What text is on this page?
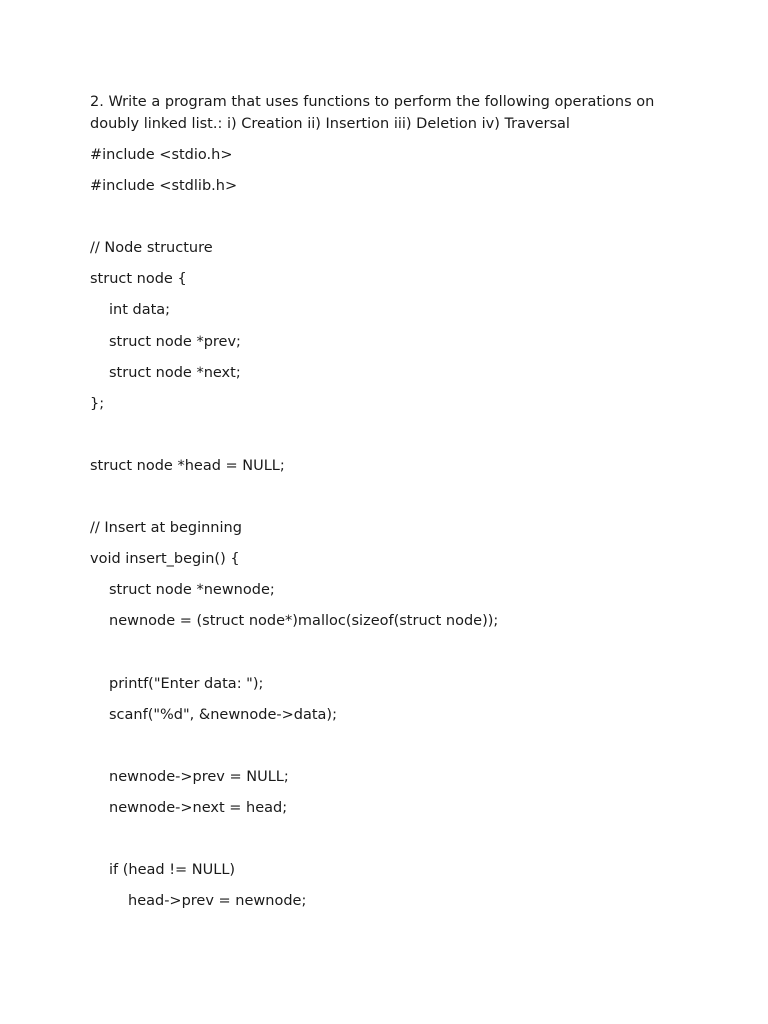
2. Write a program that uses functions to perform the following operations on
doubly linked list.: i) Creation ii) Insertion iii) Deletion iv) Traversal
#include <stdio.h>
#include <stdlib.h>
// Node structure
struct node {
int data;
struct node *prev;
struct node *next;
};
struct node *head = NULL;
// Insert at beginning
void insert_begin() {
struct node *newnode;
newnode = (struct node*)malloc(sizeof(struct node));
printf("Enter data: ");
scanf("%d", &newnode->data);
newnode->prev = NULL;
newnode->next = head;
if (head != NULL)
head->prev = newnode;
